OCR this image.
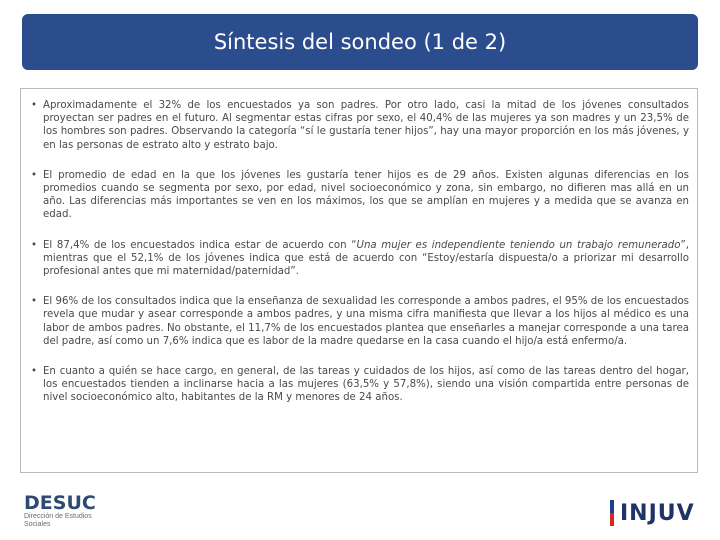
Síntesis del sondeo (1 de 2)
• Aproximadamente el 32% de los encuestados ya son padres. Por otro lado, casi la mitad de los jóvenes consultados proyectan ser padres en el futuro. Al segmentar estas cifras por sexo, el 40,4% de las mujeres ya son madres y un 23,5% de los hombres son padres. Observando la categoría “sí le gustaría tener hijos”, hay una mayor proporción en los más jóvenes, y en las personas de estrato alto y estrato bajo.
• El promedio de edad en la que los jóvenes les gustaría tener hijos es de 29 años. Existen algunas diferencias en los promedios cuando se segmenta por sexo, por edad, nivel socioeconómico y zona, sin embargo, no difieren mas allá en un año. Las diferencias más importantes se ven en los máximos, los que se amplían en mujeres y a medida que se avanza en edad.
• El 87,4% de los encuestados indica estar de acuerdo con “Una mujer es independiente teniendo un trabajo remunerado”, mientras que el 52,1% de los jóvenes indica que está de acuerdo con “Estoy/estaría dispuesta/o a priorizar mi desarrollo profesional antes que mi maternidad/paternidad”.
• El 96% de los consultados indica que la enseñanza de sexualidad les corresponde a ambos padres, el 95% de los encuestados revela que mudar y asear corresponde a ambos padres, y una misma cifra manifiesta que llevar a los hijos al médico es una labor de ambos padres. No obstante, el 11,7% de los encuestados plantea que enseñarles a manejar corresponde a una tarea del padre, así como un 7,6% indica que es labor de la madre quedarse en la casa cuando el hijo/a está enfermo/a.
• En cuanto a quién se hace cargo, en general, de las tareas y cuidados de los hijos, así como de las tareas dentro del hogar, los encuestados tienden a inclinarse hacia a las mujeres (63,5% y 57,8%), siendo una visión compartida entre personas de nivel socioeconómico alto, habitantes de la RM y menores de 24 años.
DESUC
Dirección de Estudios Sociales	INJUV
